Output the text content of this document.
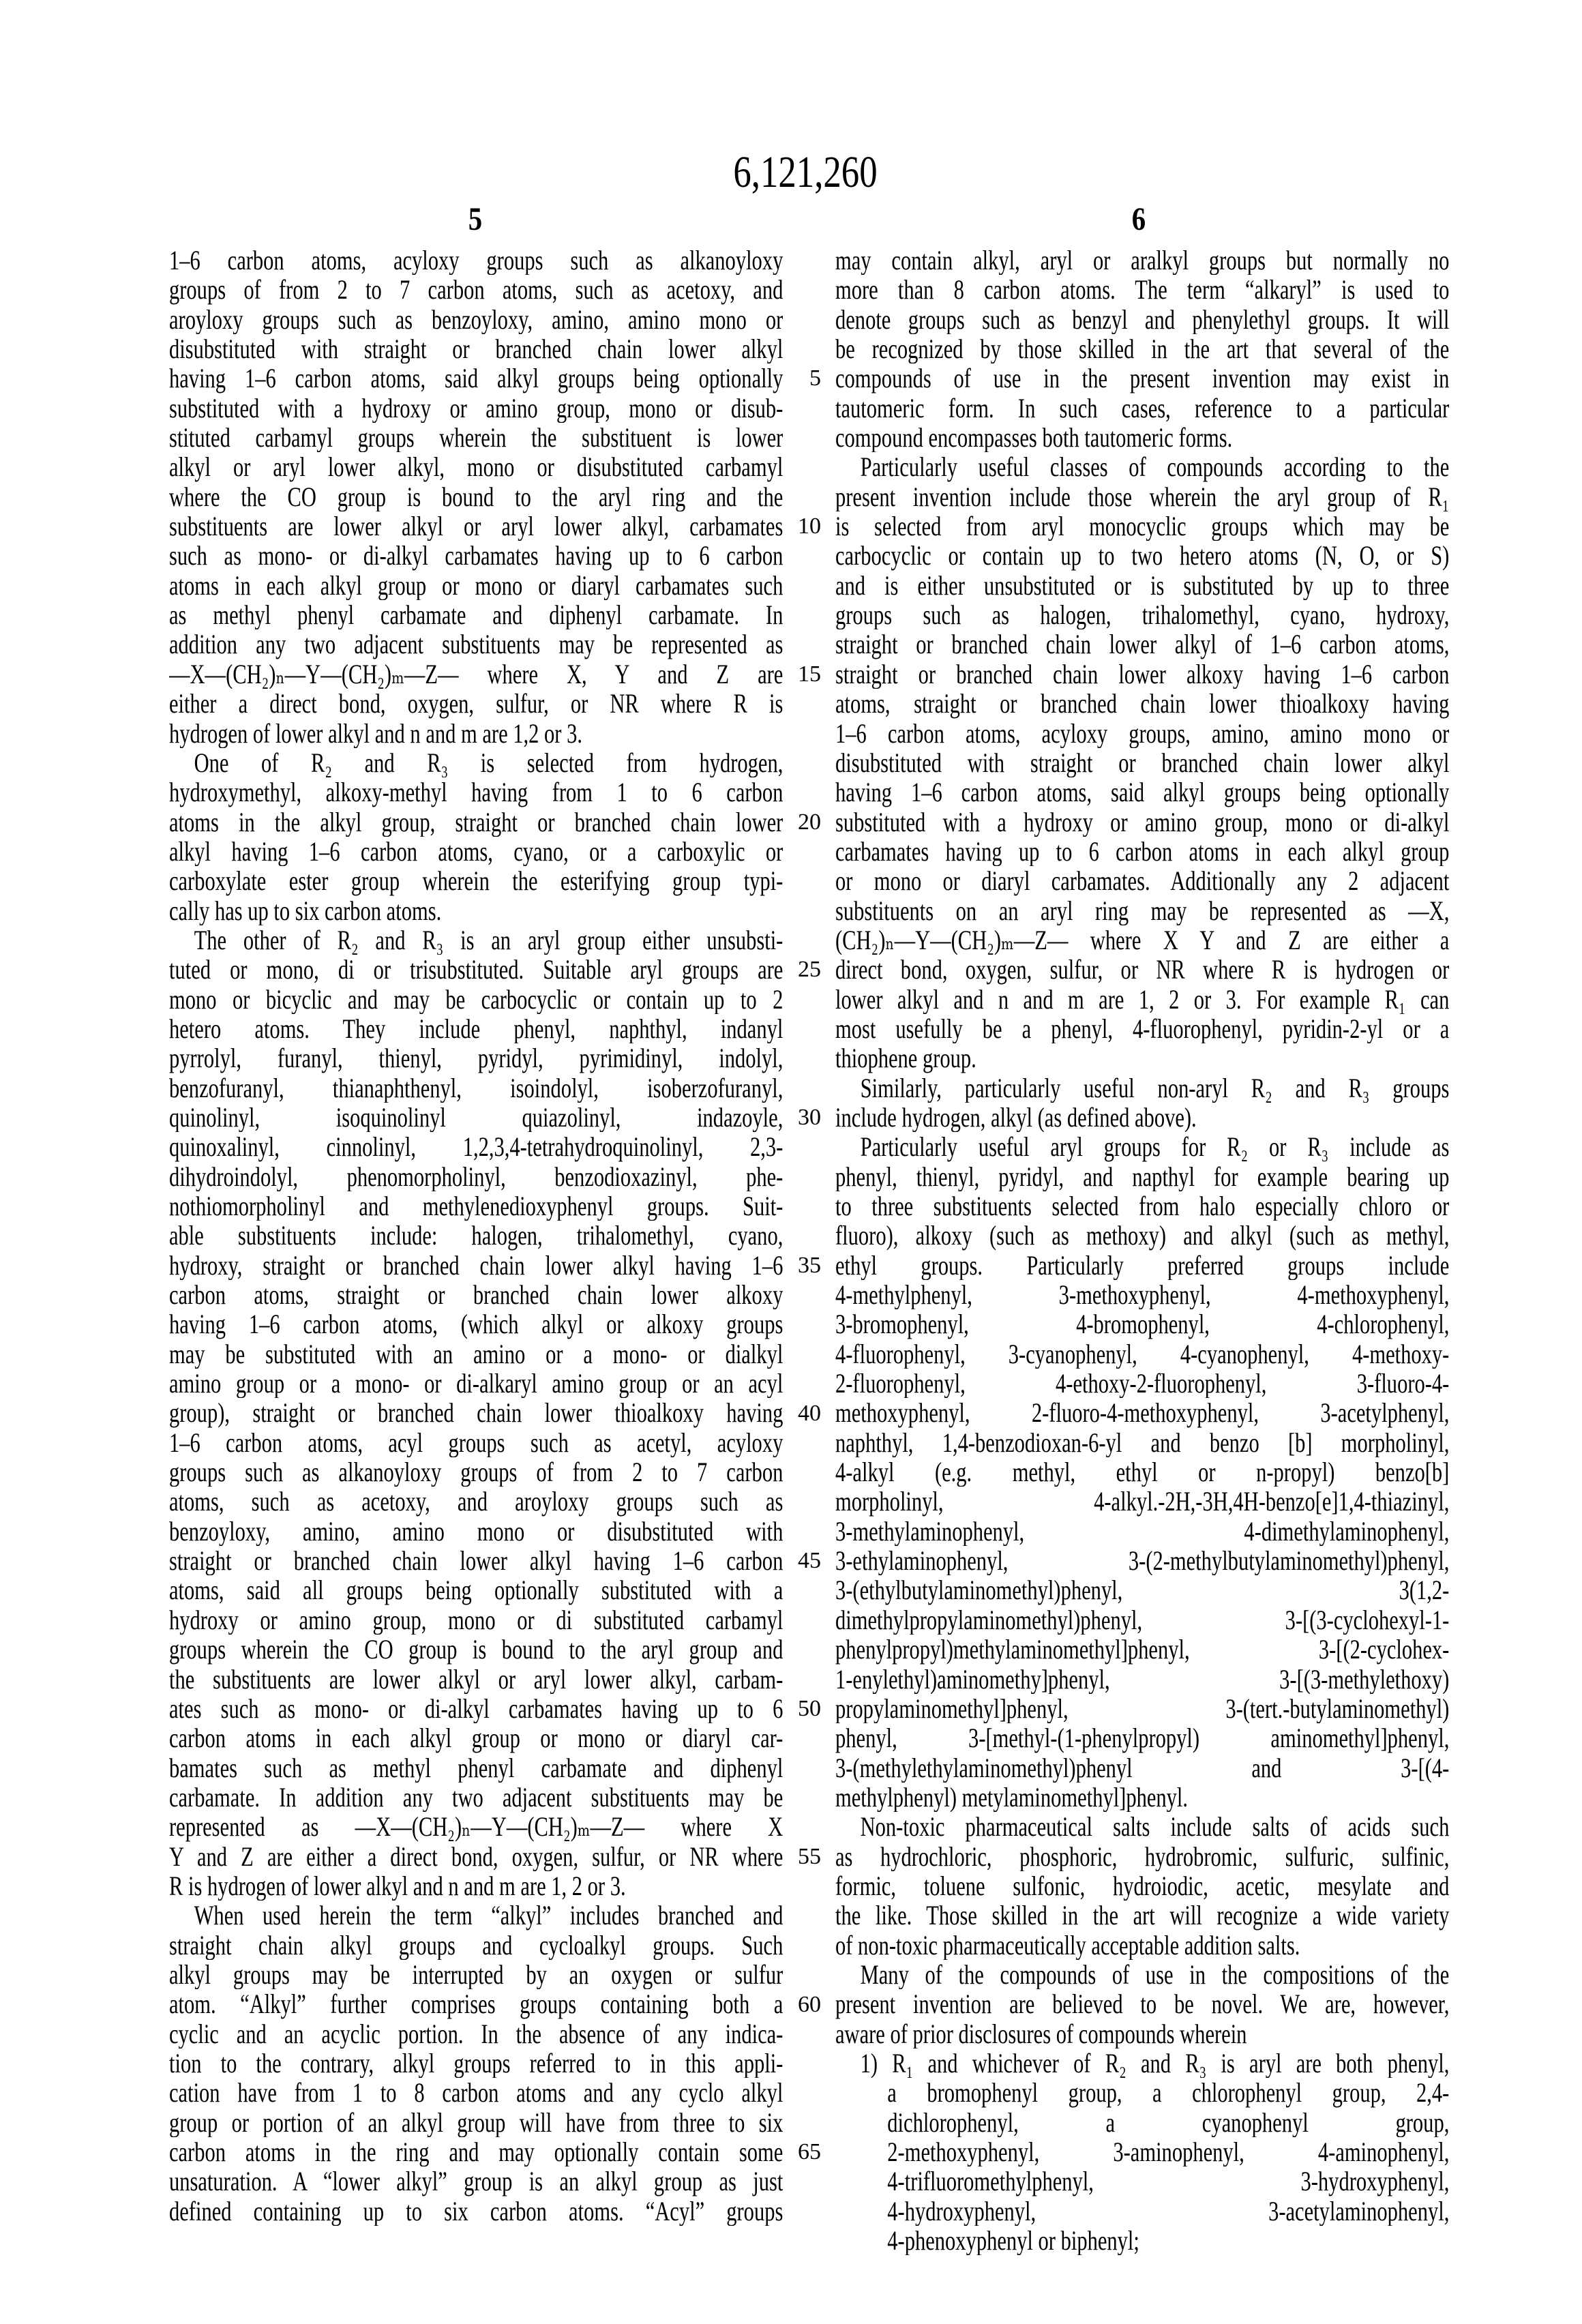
6,121,260
5	6
1–6 carbon atoms, acyloxy groups such as alkanoyloxy
groups of from 2 to 7 carbon atoms, such as acetoxy, and
aroyloxy groups such as benzoyloxy, amino, amino mono or
disubstituted with straight or branched chain lower alkyl
having 1–6 carbon atoms, said alkyl groups being optionally
substituted with a hydroxy or amino group, mono or disub-
stituted carbamyl groups wherein the substituent is lower
alkyl or aryl lower alkyl, mono or disubstituted carbamyl
where the CO group is bound to the aryl ring and the
substituents are lower alkyl or aryl lower alkyl, carbamates
such as mono- or di-alkyl carbamates having up to 6 carbon
atoms in each alkyl group or mono or diaryl carbamates such
as methyl phenyl carbamate and diphenyl carbamate. In
addition any two adjacent substituents may be represented as
—X—(CH₂)ₙ—Y—(CH₂)ₘ—Z— where X, Y and Z are
either a direct bond, oxygen, sulfur, or NR where R is
hydrogen of lower alkyl and n and m are 1,2 or 3.
One of R₂ and R₃ is selected from hydrogen,
hydroxymethyl, alkoxy-methyl having from 1 to 6 carbon
atoms in the alkyl group, straight or branched chain lower
alkyl having 1–6 carbon atoms, cyano, or a carboxylic or
carboxylate ester group wherein the esterifying group typi-
cally has up to six carbon atoms.
The other of R₂ and R₃ is an aryl group either unsubsti-
tuted or mono, di or trisubstituted. Suitable aryl groups are
mono or bicyclic and may be carbocyclic or contain up to 2
hetero atoms. They include phenyl, naphthyl, indanyl
pyrrolyl, furanyl, thienyl, pyridyl, pyrimidinyl, indolyl,
benzofuranyl, thianaphthenyl, isoindolyl, isoberzofuranyl,
quinolinyl, isoquinolinyl quiazolinyl, indazoyle,
quinoxalinyl, cinnolinyl, 1,2,3,4-tetrahydroquinolinyl, 2,3-
dihydroindolyl, phenomorpholinyl, benzodioxazinyl, phe-
nothiomorpholinyl and methylenedioxyphenyl groups. Suit-
able substituents include: halogen, trihalomethyl, cyano,
hydroxy, straight or branched chain lower alkyl having 1–6
carbon atoms, straight or branched chain lower alkoxy
having 1–6 carbon atoms, (which alkyl or alkoxy groups
may be substituted with an amino or a mono- or dialkyl
amino group or a mono- or di-alkaryl amino group or an acyl
group), straight or branched chain lower thioalkoxy having
1–6 carbon atoms, acyl groups such as acetyl, acyloxy
groups such as alkanoyloxy groups of from 2 to 7 carbon
atoms, such as acetoxy, and aroyloxy groups such as
benzoyloxy, amino, amino mono or disubstituted with
straight or branched chain lower alkyl having 1–6 carbon
atoms, said all groups being optionally substituted with a
hydroxy or amino group, mono or di substituted carbamyl
groups wherein the CO group is bound to the aryl group and
the substituents are lower alkyl or aryl lower alkyl, carbam-
ates such as mono- or di-alkyl carbamates having up to 6
carbon atoms in each alkyl group or mono or diaryl car-
bamates such as methyl phenyl carbamate and diphenyl
carbamate. In addition any two adjacent substituents may be
represented as —X—(CH₂)ₙ—Y—(CH₂)ₘ—Z— where X
Y and Z are either a direct bond, oxygen, sulfur, or NR where
R is hydrogen of lower alkyl and n and m are 1, 2 or 3.
When used herein the term “alkyl” includes branched and
straight chain alkyl groups and cycloalkyl groups. Such
alkyl groups may be interrupted by an oxygen or sulfur
atom. “Alkyl” further comprises groups containing both a
cyclic and an acyclic portion. In the absence of any indica-
tion to the contrary, alkyl groups referred to in this appli-
cation have from 1 to 8 carbon atoms and any cyclo alkyl
group or portion of an alkyl group will have from three to six
carbon atoms in the ring and may optionally contain some
unsaturation. A “lower alkyl” group is an alkyl group as just
defined containing up to six carbon atoms. “Acyl” groups
5
10
15
20
25
30
35
40
45
50
55
60
65
may contain alkyl, aryl or aralkyl groups but normally no
more than 8 carbon atoms. The term “alkaryl” is used to
denote groups such as benzyl and phenylethyl groups. It will
be recognized by those skilled in the art that several of the
compounds of use in the present invention may exist in
tautomeric form. In such cases, reference to a particular
compound encompasses both tautomeric forms.
Particularly useful classes of compounds according to the
present invention include those wherein the aryl group of R₁
is selected from aryl monocyclic groups which may be
carbocyclic or contain up to two hetero atoms (N, O, or S)
and is either unsubstituted or is substituted by up to three
groups such as halogen, trihalomethyl, cyano, hydroxy,
straight or branched chain lower alkyl of 1–6 carbon atoms,
straight or branched chain lower alkoxy having 1–6 carbon
atoms, straight or branched chain lower thioalkoxy having
1–6 carbon atoms, acyloxy groups, amino, amino mono or
disubstituted with straight or branched chain lower alkyl
having 1–6 carbon atoms, said alkyl groups being optionally
substituted with a hydroxy or amino group, mono or di-alkyl
carbamates having up to 6 carbon atoms in each alkyl group
or mono or diaryl carbamates. Additionally any 2 adjacent
substituents on an aryl ring may be represented as —X,
(CH₂)ₙ—Y—(CH₂)ₘ—Z— where X Y and Z are either a
direct bond, oxygen, sulfur, or NR where R is hydrogen or
lower alkyl and n and m are 1, 2 or 3. For example R₁ can
most usefully be a phenyl, 4-fluorophenyl, pyridin-2-yl or a
thiophene group.
Similarly, particularly useful non-aryl R₂ and R₃ groups
include hydrogen, alkyl (as defined above).
Particularly useful aryl groups for R₂ or R₃ include as
phenyl, thienyl, pyridyl, and napthyl for example bearing up
to three substituents selected from halo especially chloro or
fluoro), alkoxy (such as methoxy) and alkyl (such as methyl,
ethyl groups. Particularly preferred groups include
4-methylphenyl, 3-methoxyphenyl, 4-methoxyphenyl,
3-bromophenyl, 4-bromophenyl, 4-chlorophenyl,
4-fluorophenyl, 3-cyanophenyl, 4-cyanophenyl, 4-methoxy-
2-fluorophenyl, 4-ethoxy-2-fluorophenyl, 3-fluoro-4-
methoxyphenyl, 2-fluoro-4-methoxyphenyl, 3-acetylphenyl,
naphthyl, 1,4-benzodioxan-6-yl and benzo [b] morpholinyl,
4-alkyl (e.g. methyl, ethyl or n-propyl) benzo[b]
morpholinyl, 4-alkyl.-2H,-3H,4H-benzo[e]1,4-thiazinyl,
3-methylaminophenyl, 4-dimethylaminophenyl,
3-ethylaminophenyl, 3-(2-methylbutylaminomethyl)phenyl,
3-(ethylbutylaminomethyl)phenyl, 3(1,2-
dimethylpropylaminomethyl)phenyl, 3-[(3-cyclohexyl-1-
phenylpropyl)methylaminomethyl]phenyl, 3-[(2-cyclohex-
1-enylethyl)aminomethy]phenyl, 3-[(3-methylethoxy)
propylaminomethyl]phenyl, 3-(tert.-butylaminomethyl)
phenyl, 3-[methyl-(1-phenylpropyl) aminomethyl]phenyl,
3-(methylethylaminomethyl)phenyl and 3-[(4-
methylphenyl) metylaminomethyl]phenyl.
Non-toxic pharmaceutical salts include salts of acids such
as hydrochloric, phosphoric, hydrobromic, sulfuric, sulfinic,
formic, toluene sulfonic, hydroiodic, acetic, mesylate and
the like. Those skilled in the art will recognize a wide variety
of non-toxic pharmaceutically acceptable addition salts.
Many of the compounds of use in the compositions of the
present invention are believed to be novel. We are, however,
aware of prior disclosures of compounds wherein
1) R₁ and whichever of R₂ and R₃ is aryl are both phenyl,
a bromophenyl group, a chlorophenyl group, 2,4-
dichlorophenyl, a cyanophenyl group,
2-methoxyphenyl, 3-aminophenyl, 4-aminophenyl,
4-trifluoromethylphenyl, 3-hydroxyphenyl,
4-hydroxyphenyl, 3-acetylaminophenyl,
4-phenoxyphenyl or biphenyl;
